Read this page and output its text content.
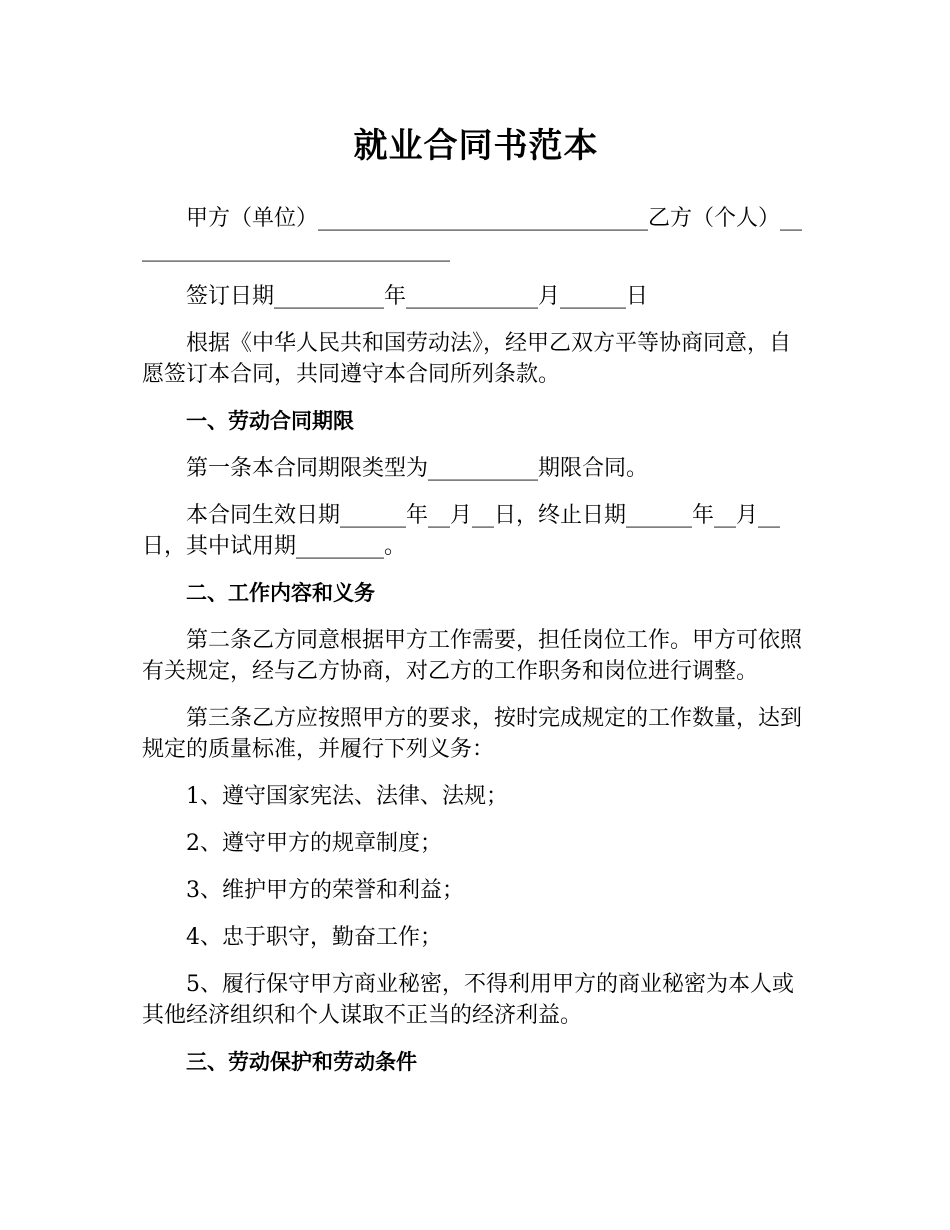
就业合同书范本

甲方（单位）______________________________乙方（个人）______________________________

签订日期__________年____________月______日

根据《中华人民共和国劳动法》，经甲乙双方平等协商同意，自愿签订本合同，共同遵守本合同所列条款。

一、劳动合同期限

第一条本合同期限类型为__________期限合同。

本合同生效日期______年__月__日，终止日期______年__月__日，其中试用期________。

二、工作内容和义务

第二条乙方同意根据甲方工作需要，担任岗位工作。甲方可依照有关规定，经与乙方协商，对乙方的工作职务和岗位进行调整。

第三条乙方应按照甲方的要求，按时完成规定的工作数量，达到规定的质量标准，并履行下列义务：

1、遵守国家宪法、法律、法规；

2、遵守甲方的规章制度；

3、维护甲方的荣誉和利益；

4、忠于职守，勤奋工作；

5、履行保守甲方商业秘密，不得利用甲方的商业秘密为本人或其他经济组织和个人谋取不正当的经济利益。

三、劳动保护和劳动条件
